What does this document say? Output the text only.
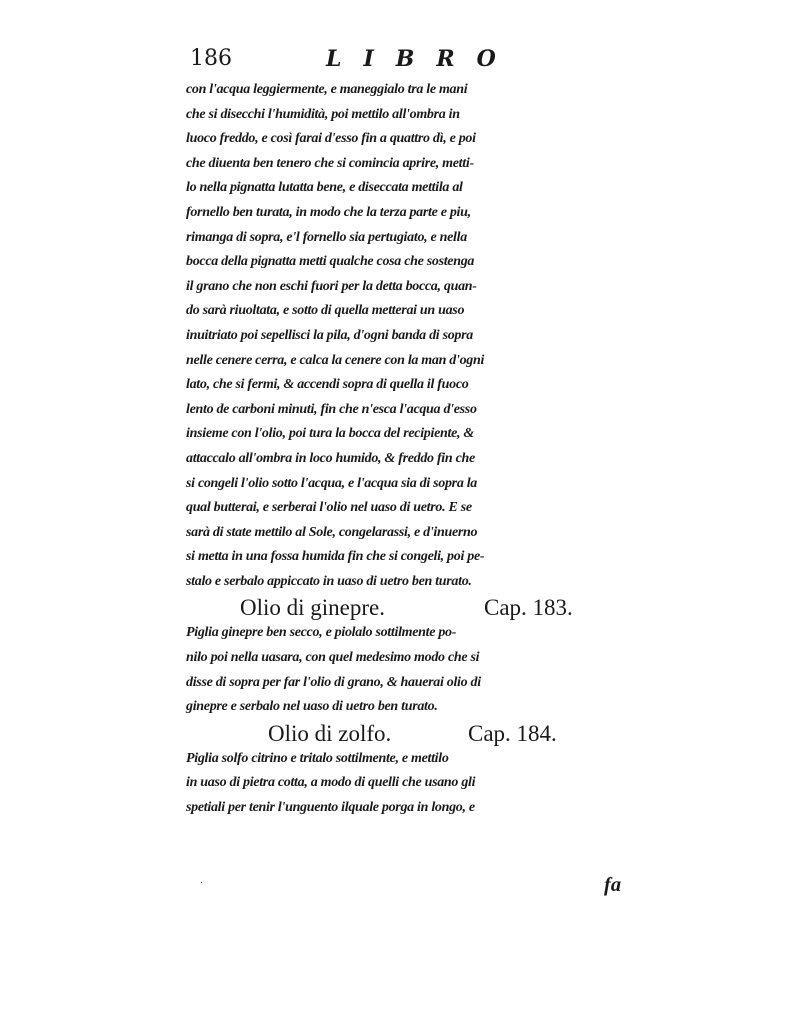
186	LIBRO
con l'acqua leggiermente, e maneggialo tra le mani
che si disecchi l'humidità, poi mettilo all'ombra in
luoco freddo, e così farai d'esso fin a quattro dì, e poi
che diuenta ben tenero che si comincia aprire, metti-
lo nella pignatta lutatta bene, e diseccata mettila al
fornello ben turata, in modo che la terza parte e piu,
rimanga di sopra, e'l fornello sia pertugiato, e nella
bocca della pignatta metti qualche cosa che sostenga
il grano che non eschi fuori per la detta bocca, quan-
do sarà riuoltata, e sotto di quella metterai un uaso
inuitriato poi sepellisci la pila, d'ogni banda di sopra
nelle cenere cerra, e calca la cenere con la man d'ogni
lato, che si fermi, & accendi sopra di quella il fuoco
lento de carboni minuti, fin che n'esca l'acqua d'esso
insieme con l'olio, poi tura la bocca del recipiente, &
attaccalo all'ombra in loco humido, & freddo fin che
si congeli l'olio sotto l'acqua, e l'acqua sia di sopra la
qual butterai, e serberai l'olio nel uaso di uetro. E se
sarà di state mettilo al Sole, congelarassi, e d'inuerno
si metta in una fossa humida fin che si congeli, poi pe-
stalo e serbalo appiccato in uaso di uetro ben turato.
Olio di ginepre.	Cap. 183.
Piglia ginepre ben secco, e piolalo sottilmente po-
nilo poi nella uasara, con quel medesimo modo che si
disse di sopra per far l'olio di grano, & hauerai olio di
ginepre e serbalo nel uaso di uetro ben turato.
Olio di zolfo.	Cap. 184.
Piglia solfo citrino e tritalo sottilmente, e mettilo
in uaso di pietra cotta, a modo di quelli che usano gli
spetiali per tenir l'unguento ilquale porga in longo, e
·	fa
